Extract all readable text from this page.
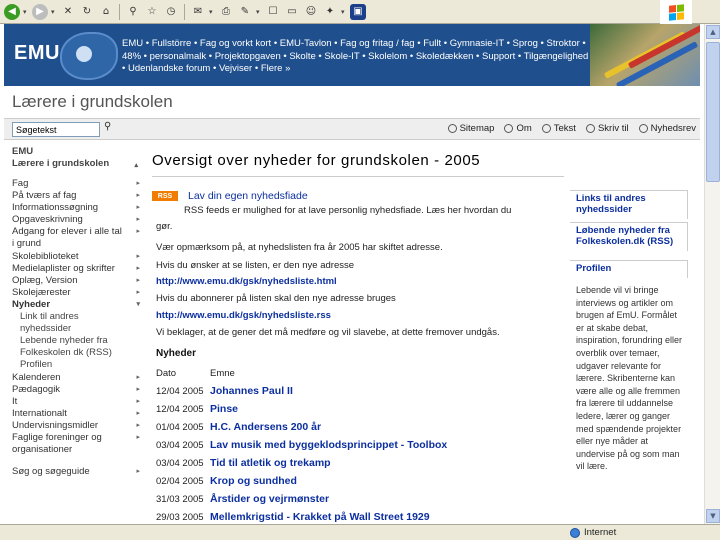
◀	▾ ▶	▾ ✕	↻	⌂	⚲	☆	◷	✉ ▾ ⎙	✎ ▾ ☐ ▭ ☺ ✦ ▾ ▣
EMU	EMU • Fullstörre • Fag og vorkt kort • EMU-Tavlon • Fag og fritag / fag • Fullt • Gymnasie-IT • Sprog • Stroktor • 48% • personalmalk • Projektopgaven • Skolte • Skole-IT • Skolelom • Skoledækken • Support • Tilgængelighed • Udenlandske forum • Vejviser • Flere »
Lærere i grundskolen
Søgetekst
⚲	Sitemap Om Tekst Skriv til Nyhedsrev
EMU
Lærere i grundskolen	▴
Fag	▸
På tværs af fag	▸
Informationssøgning	▸
Opgaveskrivning	▸
Adgang for elever i alle tal ▸
i grund
Skolebiblioteket	▸
Medielaplister og skrifter	▸
Oplæg, Version	▸
Skolejærester	▸
Nyheder	▾
Link til andres
nyhedssider
Lebende nyheder fra
Folkeskolen dk (RSS)
Profilen
Kalenderen	▸
Pædagogik	▸
It	▸
Internationalt	▸
Undervisningsmidler	▸
Faglige foreninger og	▸
organisationer
Søg og søgeguide	▸
Oversigt over nyheder for grundskolen - 2005
RSS	Lav din egen nyhedsfiade
RSS feeds er mulighed for at lave personlig nyhedsfiade. Læs her hvordan du
gør.
Vær opmærksom på, at nyhedslisten fra år 2005 har skiftet adresse.
Hvis du ønsker at se listen, er den nye adresse
http://www.emu.dk/gsk/nyhedsliste.html
Hvis du abonnerer på listen skal den nye adresse bruges
http://www.emu.dk/gsk/nyhedsliste.rss
Vi beklager, at de gener det må medføre og vil slavebe, at dette fremover undgås.
Nyheder
Dato	Emne
12/04 2005 Johannes Paul II
12/04 2005 Pinse
01/04 2005 H.C. Andersens 200 år
03/04 2005 Lav musik med byggeklodsprincippet - Toolbox
03/04 2005 Tid til atletik og trekamp
02/04 2005 Krop og sundhed
31/03 2005 Årstider og vejrmønster
29/03 2005 Mellemkrigstid - Krakket på Wall Street 1929
Links til andres
nyhedssider
Løbende nyheder fra
Folkeskolen.dk (RSS)
Profilen
Lebende vil vi bringe interviews og artikler om brugen af EmU. Formålet er at skabe debat, inspiration, forundring eller overblik over temaer, udgaver relevante for lærere. Skribenterne kan være alle og alle fremmen fra lærere til uddannelse ledere, lærer og ganger med spændende projekter eller nye måder at undervise på og som man vil lære.
▲
▼
Internet
